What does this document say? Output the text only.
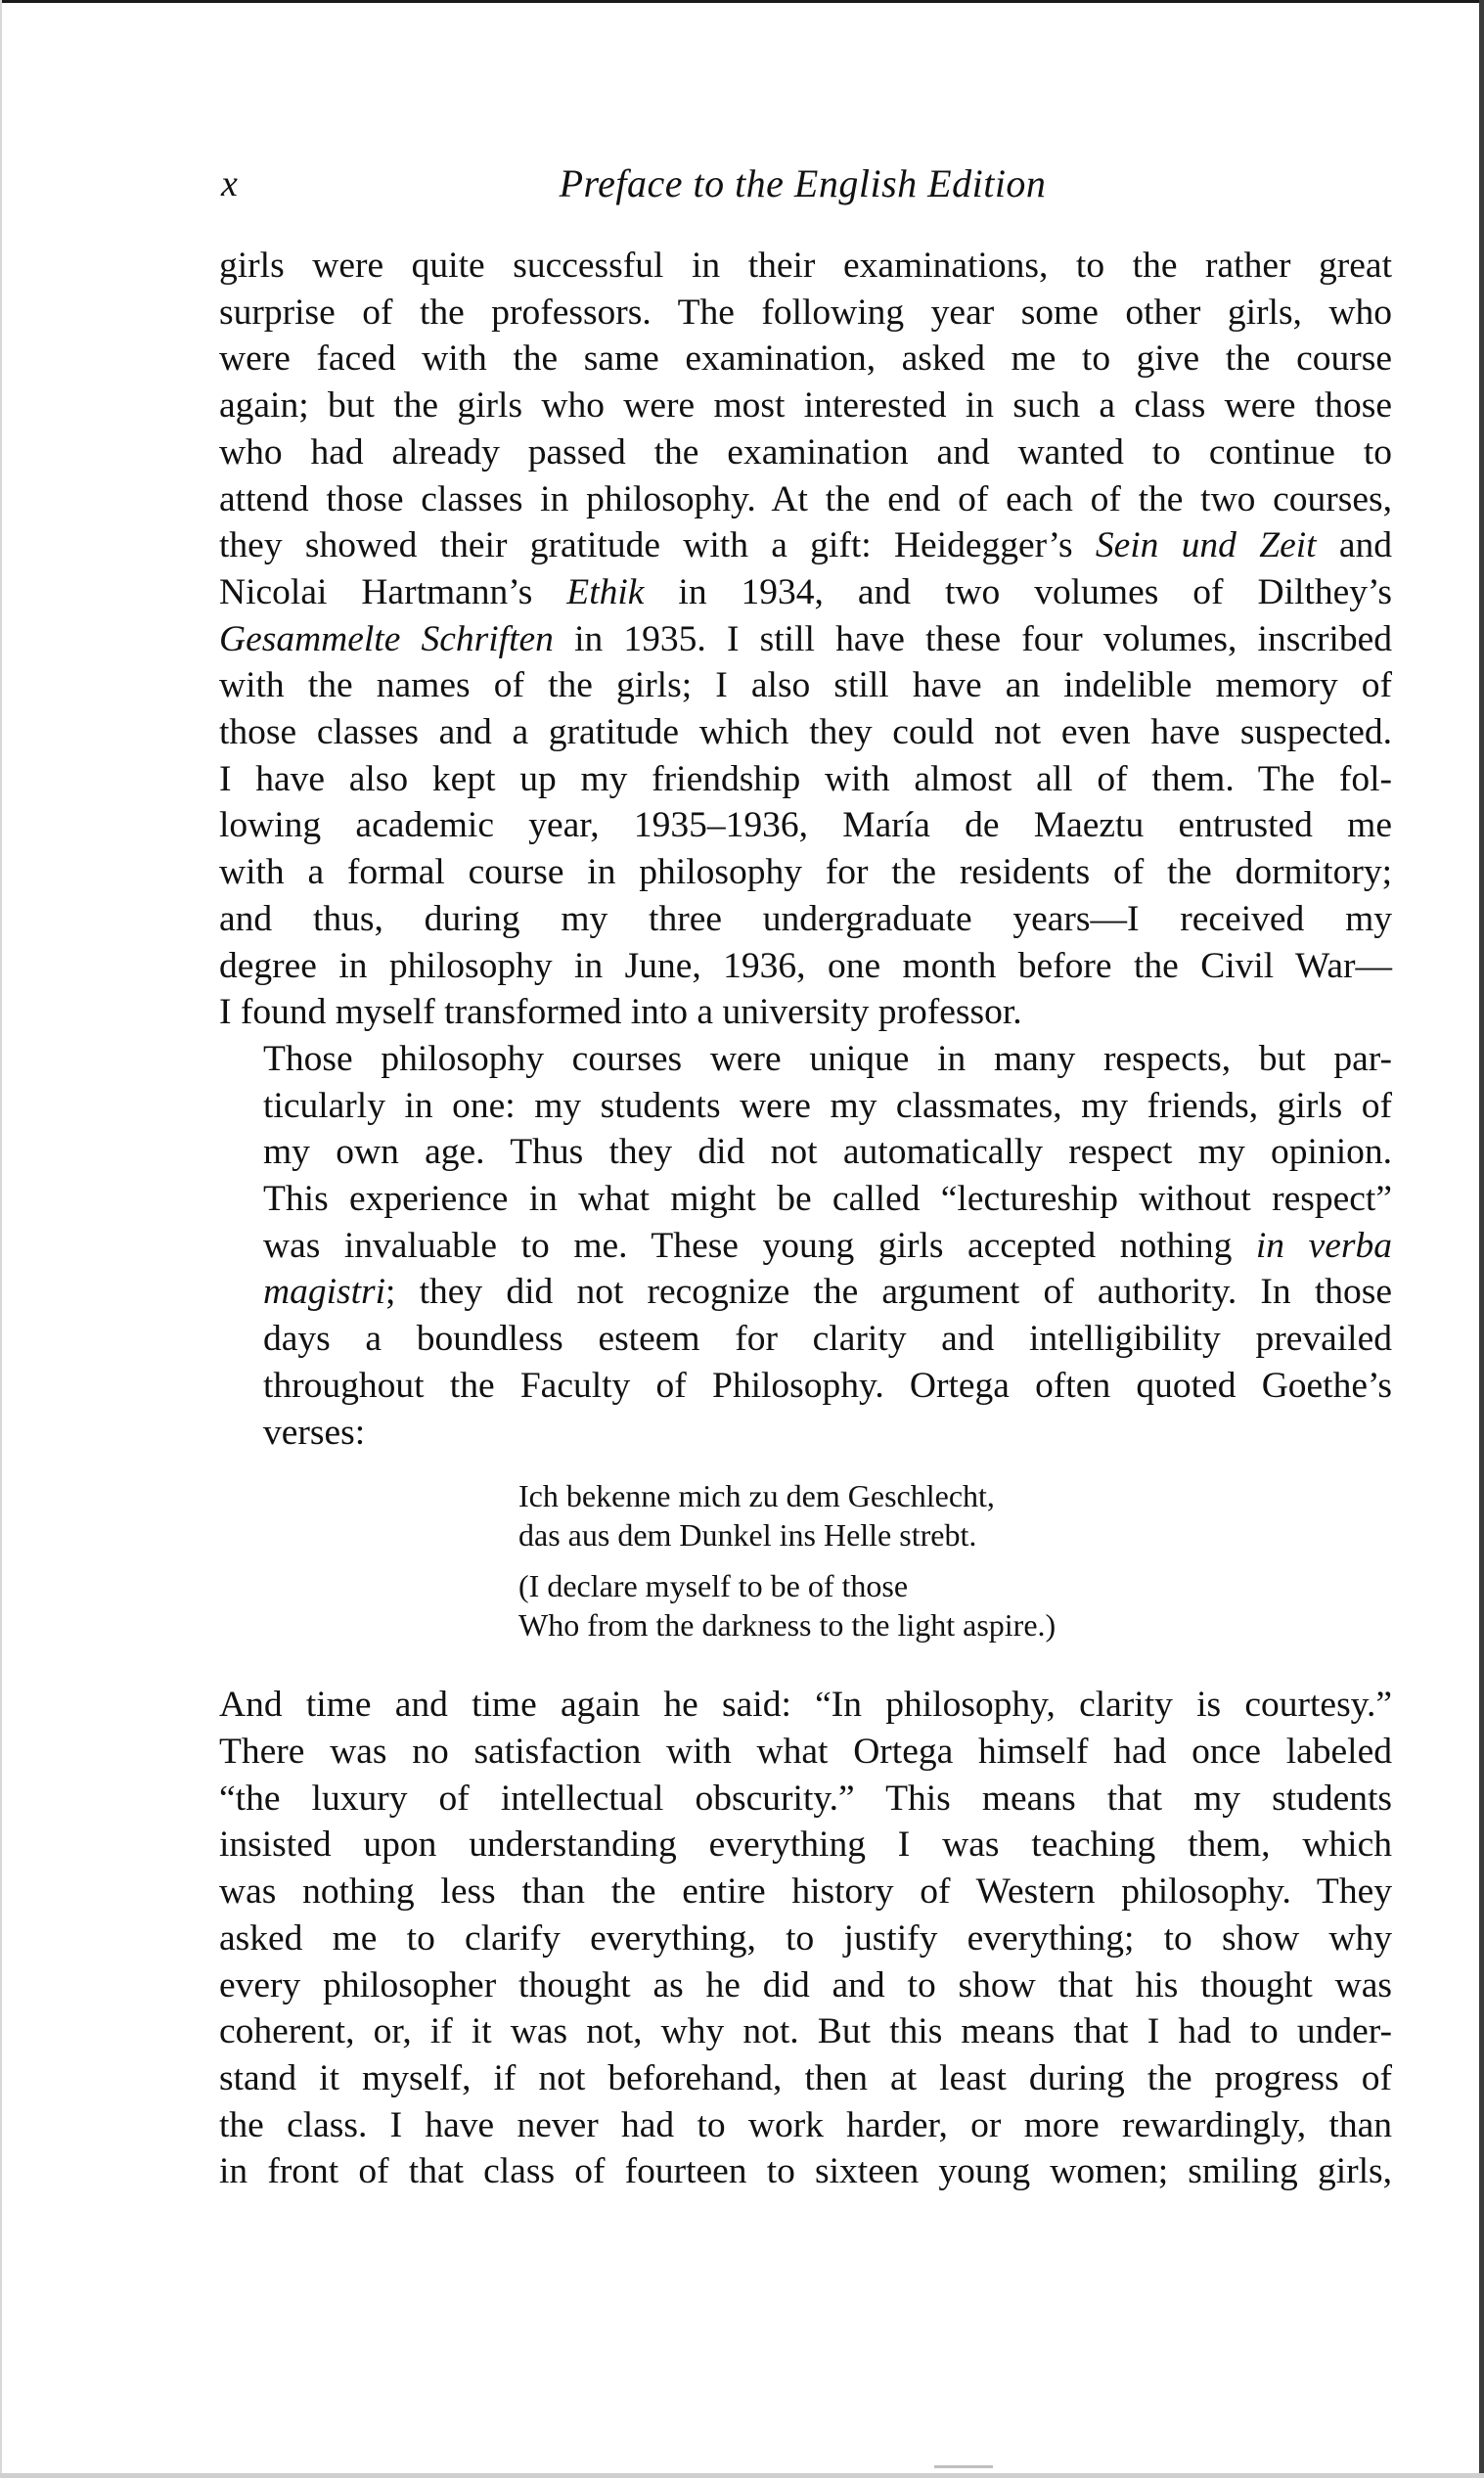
x	Preface to the English Edition

girls were quite successful in their examinations, to the rather great
surprise of the professors. The following year some other girls, who
were faced with the same examination, asked me to give the course
again; but the girls who were most interested in such a class were those
who had already passed the examination and wanted to continue to
attend those classes in philosophy. At the end of each of the two courses,
they showed their gratitude with a gift: Heidegger’s Sein und Zeit and
Nicolai Hartmann’s Ethik in 1934, and two volumes of Dilthey’s
Gesammelte Schriften in 1935. I still have these four volumes, inscribed
with the names of the girls; I also still have an indelible memory of
those classes and a gratitude which they could not even have suspected.
I have also kept up my friendship with almost all of them. The fol-
lowing academic year, 1935–1936, María de Maeztu entrusted me
with a formal course in philosophy for the residents of the dormitory;
and thus, during my three undergraduate years—I received my
degree in philosophy in June, 1936, one month before the Civil War—
I found myself transformed into a university professor.

Those philosophy courses were unique in many respects, but par-
ticularly in one: my students were my classmates, my friends, girls of
my own age. Thus they did not automatically respect my opinion.
This experience in what might be called “lectureship without respect”
was invaluable to me. These young girls accepted nothing in verba
magistri; they did not recognize the argument of authority. In those
days a boundless esteem for clarity and intelligibility prevailed
throughout the Faculty of Philosophy. Ortega often quoted Goethe’s
verses:

Ich bekenne mich zu dem Geschlecht,
das aus dem Dunkel ins Helle strebt.

(I declare myself to be of those
Who from the darkness to the light aspire.)

And time and time again he said: “In philosophy, clarity is courtesy.”
There was no satisfaction with what Ortega himself had once labeled
“the luxury of intellectual obscurity.” This means that my students
insisted upon understanding everything I was teaching them, which
was nothing less than the entire history of Western philosophy. They
asked me to clarify everything, to justify everything; to show why
every philosopher thought as he did and to show that his thought was
coherent, or, if it was not, why not. But this means that I had to under-
stand it myself, if not beforehand, then at least during the progress of
the class. I have never had to work harder, or more rewardingly, than
in front of that class of fourteen to sixteen young women; smiling girls,
